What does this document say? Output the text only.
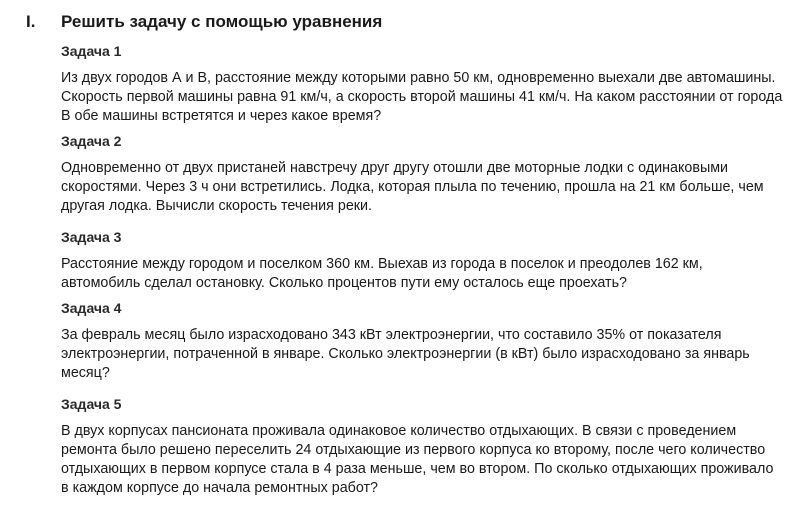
I. Решить задачу с помощью уравнения
Задача 1
Из двух городов А и В, расстояние между которыми равно 50 км, одновременно выехали две автомашины. Скорость первой машины равна 91 км/ч, а скорость второй машины 41 км/ч. На каком расстоянии от города В обе машины встретятся и через какое время?
Задача 2
Одновременно от двух пристаней навстречу друг другу отошли две моторные лодки с одинаковыми скоростями. Через 3 ч они встретились. Лодка, которая плыла по течению, прошла на 21 км больше, чем другая лодка. Вычисли скорость течения реки.
Задача 3
Расстояние между городом и поселком 360 км. Выехав из города в поселок и преодолев 162 км, автомобиль сделал остановку. Сколько процентов пути ему осталось еще проехать?
Задача 4
За февраль месяц было израсходовано 343 кВт электроэнергии, что составило 35% от показателя электроэнергии, потраченной в январе. Сколько электроэнергии (в кВт) было израсходовано за январь месяц?
Задача 5
В двух корпусах пансионата проживала одинаковое количество отдыхающих. В связи с проведением ремонта было решено переселить 24 отдыхающие из первого корпуса ко второму, после чего количество отдыхающих в первом корпусе стала в 4 раза меньше, чем во втором. По сколько отдыхающих проживало в каждом корпусе до начала ремонтных работ?
